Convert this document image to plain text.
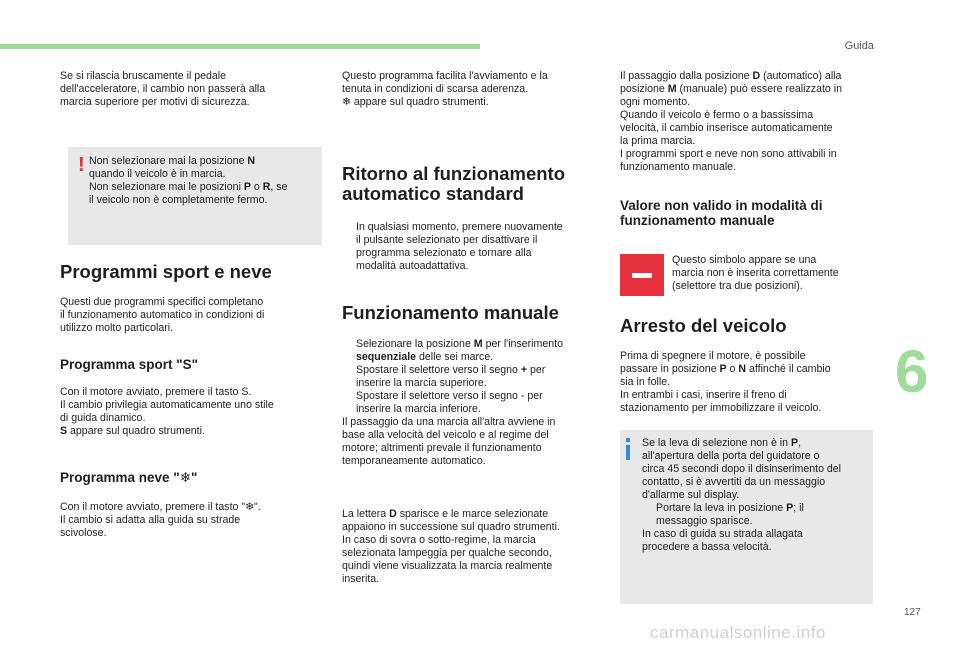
Guida

Se si rilascia bruscamente il pedale
dell'acceleratore, il cambio non passerà alla
marcia superiore per motivi di sicurezza.

! Non selezionare mai la posizione N
quando il veicolo è in marcia.
Non selezionare mai le posizioni P o R, se
il veicolo non è completamente fermo.
Programmi sport e neve

Questi due programmi specifici completano
il funzionamento automatico in condizioni di
utilizzo molto particolari.

Programma sport "S"
Con il motore avviato, premere il tasto S.

Il cambio privilegia automaticamente uno stile
di guida dinamico.

S appare sul quadro strumenti.

Programma neve "❄"
Con il motore avviato, premere il tasto "❄".

Il cambio si adatta alla guida su strade
scivolose.

Questo programma facilita l'avviamento e la
tenuta in condizioni di scarsa aderenza.

❄ appare sul quadro strumenti.

Ritorno al funzionamento
automatico standard
In qualsiasi momento, premere nuovamente
il pulsante selezionato per disattivare il
programma selezionato e tornare alla
modalità autoadattativa.
Funzionamento manuale
Selezionare la posizione M per l'inserimento
sequenziale delle sei marce.
Spostare il selettore verso il segno + per
inserire la marcia superiore.
Spostare il selettore verso il segno - per
inserire la marcia inferiore.

Il passaggio da una marcia all'altra avviene in
base alla velocità del veicolo e al regime del
motore; altrimenti prevale il funzionamento
temporaneamente automatico.

La lettera D sparisce e le marce selezionate

appaiono in successione sul quadro strumenti.
In caso di sovra o sotto-regime, la marcia
selezionata lampeggia per qualche secondo,
quindi viene visualizzata la marcia realmente
inserita.

Il passaggio dalla posizione D (automatico) alla
posizione M (manuale) può essere realizzato in

ogni momento.
Quando il veicolo è fermo o a bassissima
velocità, il cambio inserisce automaticamente
la prima marcia.
I programmi sport e neve non sono attivabili in
funzionamento manuale.

Valore non valido in modalità di
funzionamento manuale

Questo simbolo appare se una
marcia non è inserita correttamente
(selettore tra due posizioni).

Arresto del veicolo

Prima di spegnere il motore, è possibile
passare in posizione P o N affinché il cambio

sia in folle.
In entrambi i casi, inserire il freno di
stazionamento per immobilizzare il veicolo.

Se la leva di selezione non è in P,

all'apertura della porta del guidatore o
circa 45 secondi dopo il disinserimento del
contatto, si è avvertiti da un messaggio
d'allarme sul display.
Portare la leva in posizione P; il
messaggio sparisce.
In caso di guida su strada allagata
procedere a bassa velocità.
6
127
carmanualsonline.info
